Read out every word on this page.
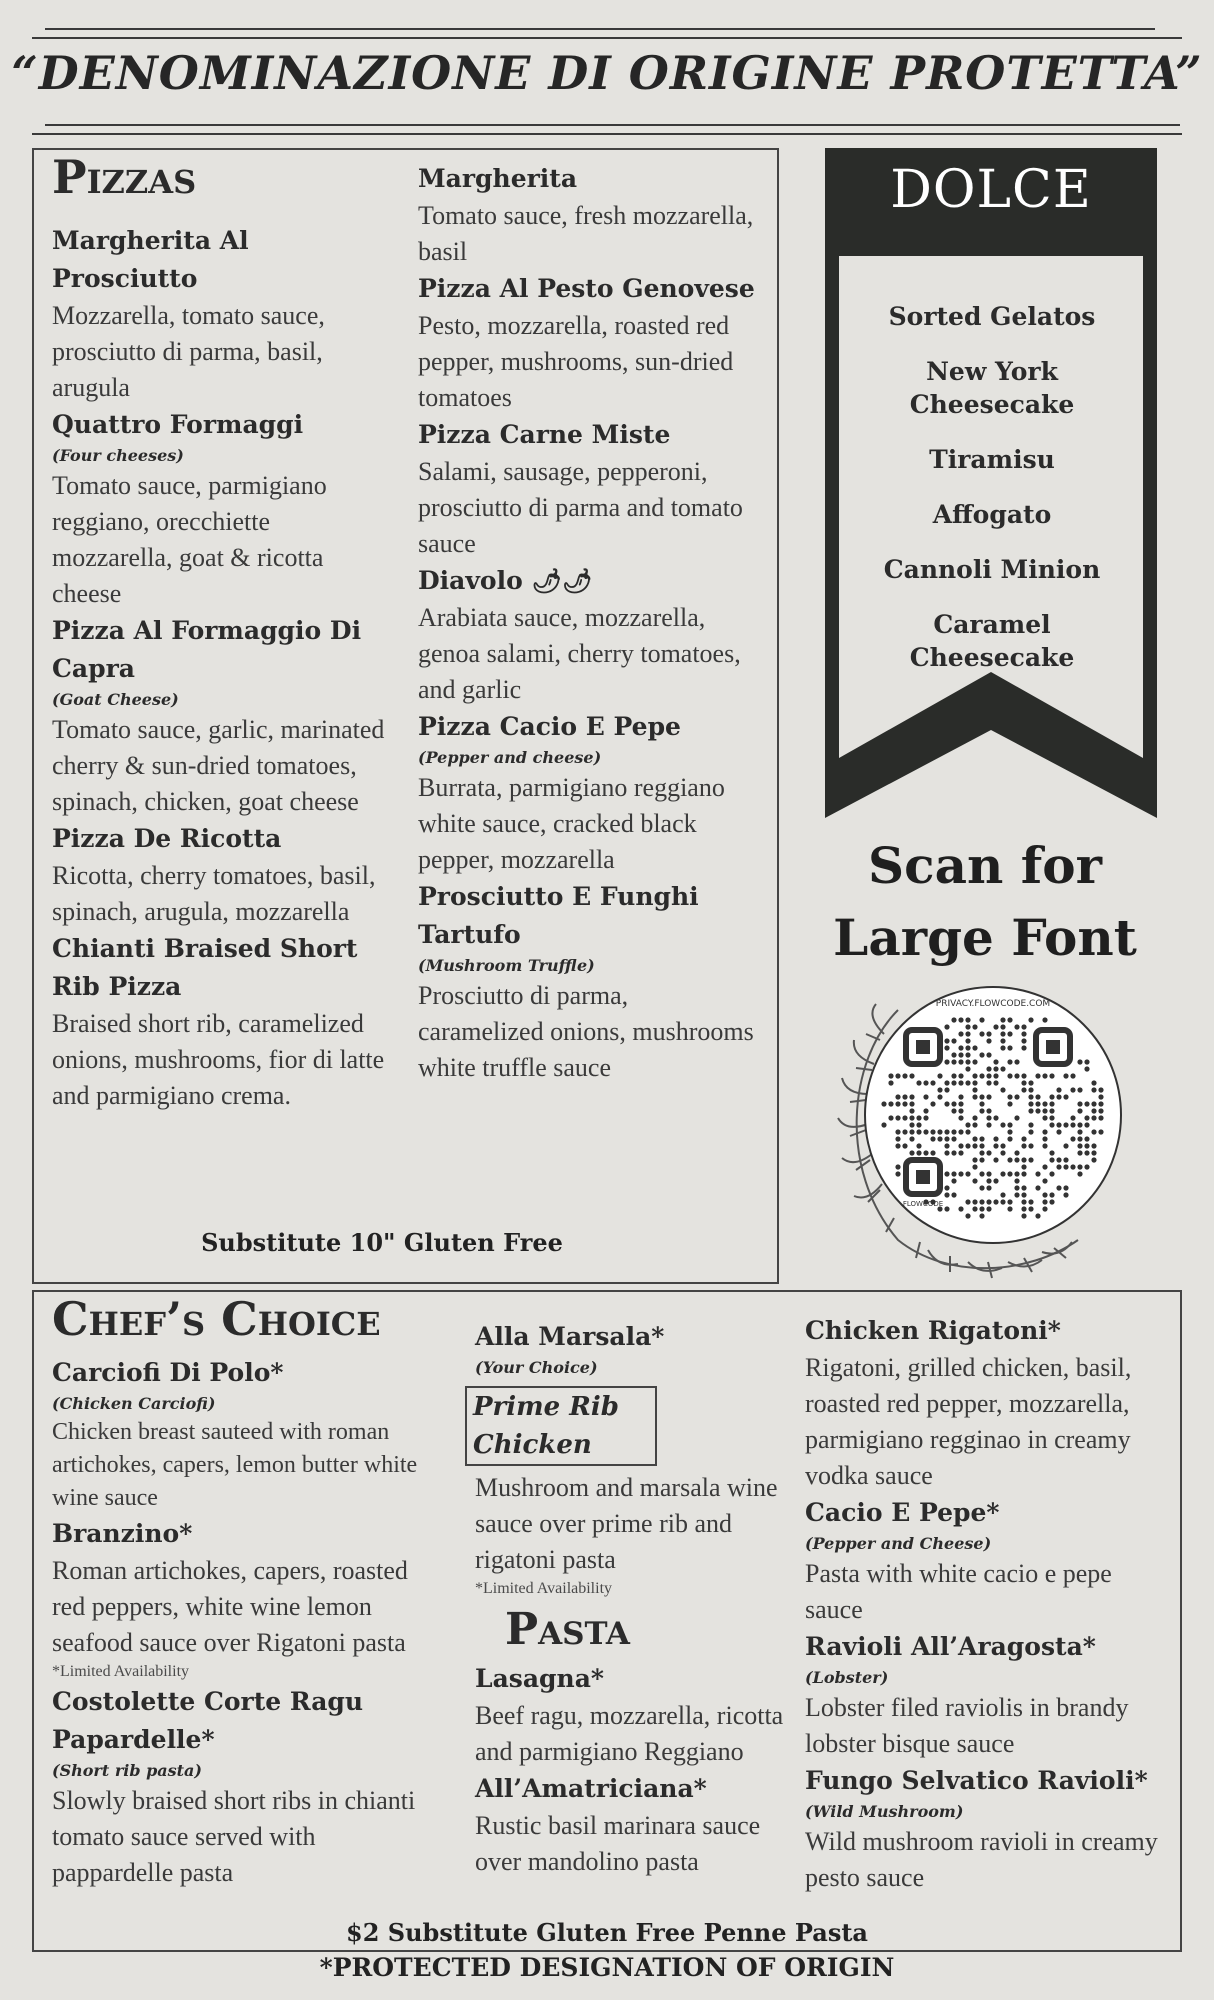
“DENOMINAZIONE DI ORIGINE PROTETTA”
Pizzas
Margherita Al Prosciutto
Mozzarella, tomato sauce, prosciutto di parma, basil, arugula
Quattro Formaggi
(Four cheeses)
Tomato sauce, parmigiano reggiano, orecchiette mozzarella, goat & ricotta cheese
Pizza Al Formaggio Di Capra
(Goat Cheese)
Tomato sauce, garlic, marinated cherry & sun-dried tomatoes, spinach, chicken, goat cheese
Pizza De Ricotta
Ricotta, cherry tomatoes, basil, spinach, arugula, mozzarella
Chianti Braised Short Rib Pizza
Braised short rib, caramelized onions, mushrooms, fior di latte and parmigiano crema.
Margherita
Tomato sauce, fresh mozzarella, basil
Pizza Al Pesto Genovese
Pesto, mozzarella, roasted red pepper, mushrooms, sun-dried tomatoes
Pizza Carne Miste
Salami, sausage, pepperoni, prosciutto di parma and tomato sauce
Diavolo 🌶🌶
Arabiata sauce, mozzarella, genoa salami, cherry tomatoes, and garlic
Pizza Cacio E Pepe
(Pepper and cheese)
Burrata, parmigiano reggiano white sauce, cracked black pepper, mozzarella
Prosciutto E Funghi Tartufo
(Mushroom Truffle)
Prosciutto di parma, caramelized onions, mushrooms white truffle sauce
Substitute 10" Gluten Free
DOLCE
Sorted Gelatos
New York Cheesecake
Tiramisu
Affogato
Cannoli Minion
Caramel Cheesecake
Scan for Large Font
PRIVACY.FLOWCODE.COM
FLOWCODE
Chef’s Choice
Carciofi Di Polo*
(Chicken Carciofi)
Chicken breast sauteed with roman artichokes, capers, lemon butter white wine sauce
Branzino*
Roman artichokes, capers, roasted red peppers, white wine lemon seafood sauce over Rigatoni pasta
*Limited Availability
Costolette Corte Ragu Papardelle*
(Short rib pasta)
Slowly braised short ribs in chianti tomato sauce served with pappardelle pasta
Alla Marsala*
(Your Choice)
Prime Rib Chicken
Mushroom and marsala wine sauce over prime rib and rigatoni pasta
*Limited Availability
Pasta
Lasagna*
Beef ragu, mozzarella, ricotta and parmigiano Reggiano
All’Amatriciana*
Rustic basil marinara sauce over mandolino pasta
Chicken Rigatoni*
Rigatoni, grilled chicken, basil, roasted red pepper, mozzarella, parmigiano regginao in creamy vodka sauce
Cacio E Pepe*
(Pepper and Cheese)
Pasta with white cacio e pepe sauce
Ravioli All’Aragosta*
(Lobster)
Lobster filed raviolis in brandy lobster bisque sauce
Fungo Selvatico Ravioli*
(Wild Mushroom)
Wild mushroom ravioli in creamy pesto sauce
$2 Substitute Gluten Free Penne Pasta
*PROTECTED DESIGNATION OF ORIGIN
